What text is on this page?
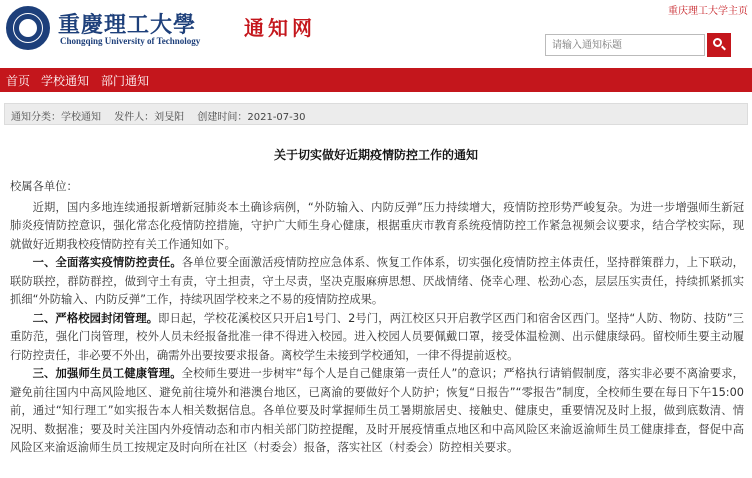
重慶理工大學
Chongqing University of Technology
通知网
重庆理工大学主页
请输入通知标题
首页 学校通知 部门通知
通知分类：学校通知 发件人：刘旻阳 创建时间：2021-07-30
关于切实做好近期疫情防控工作的通知

校属各单位：

近期，国内多地连续通报新增新冠肺炎本土确诊病例，“外防输入、内防反弹”压力持续增大，疫情防控形势严峻复杂。为进一步增强师生新冠肺炎疫情防控意识，强化常态化疫情防控措施，守护广大师生身心健康，根据重庆市教育系统疫情防控工作紧急视频会议要求，结合学校实际，现就做好近期我校疫情防控有关工作通知如下。

一、全面落实疫情防控责任。各单位要全面激活疫情防控应急体系、恢复工作体系，切实强化疫情防控主体责任，坚持群策群力，上下联动，联防联控，群防群控，做到守土有责，守土担责，守土尽责，坚决克服麻痹思想、厌战情绪、侥幸心理、松劲心态，层层压实责任，持续抓紧抓实抓细“外防输入、内防反弹”工作，持续巩固学校来之不易的疫情防控成果。

二、严格校园封闭管理。即日起，学校花溪校区只开启1号门、2号门，两江校区只开启教学区西门和宿舍区西门。坚持“人防、物防、技防”三重防范，强化门岗管理，校外人员未经报备批准一律不得进入校园。进入校园人员要佩戴口罩，接受体温检测、出示健康绿码。留校师生要主动履行防控责任，非必要不外出，确需外出要按要求报备。离校学生未接到学校通知，一律不得提前返校。

三、加强师生员工健康管理。全校师生要进一步树牢“每个人是自己健康第一责任人”的意识；严格执行请销假制度，落实非必要不离渝要求，避免前往国内中高风险地区、避免前往境外和港澳台地区，已离渝的要做好个人防护；恢复“日报告”“零报告”制度，全校师生要在每日下午15:00前，通过“知行理工”如实报告本人相关数据信息。各单位要及时掌握师生员工暑期旅居史、接触史、健康史，重要情况及时上报，做到底数清、情况明、数据准；要及时关注国内外疫情动态和市内相关部门防控提醒，及时开展疫情重点地区和中高风险区来渝返渝师生员工健康排查，督促中高风险区来渝返渝师生员工按规定及时向所在社区（村委会）报备，落实社区（村委会）防控相关要求。
